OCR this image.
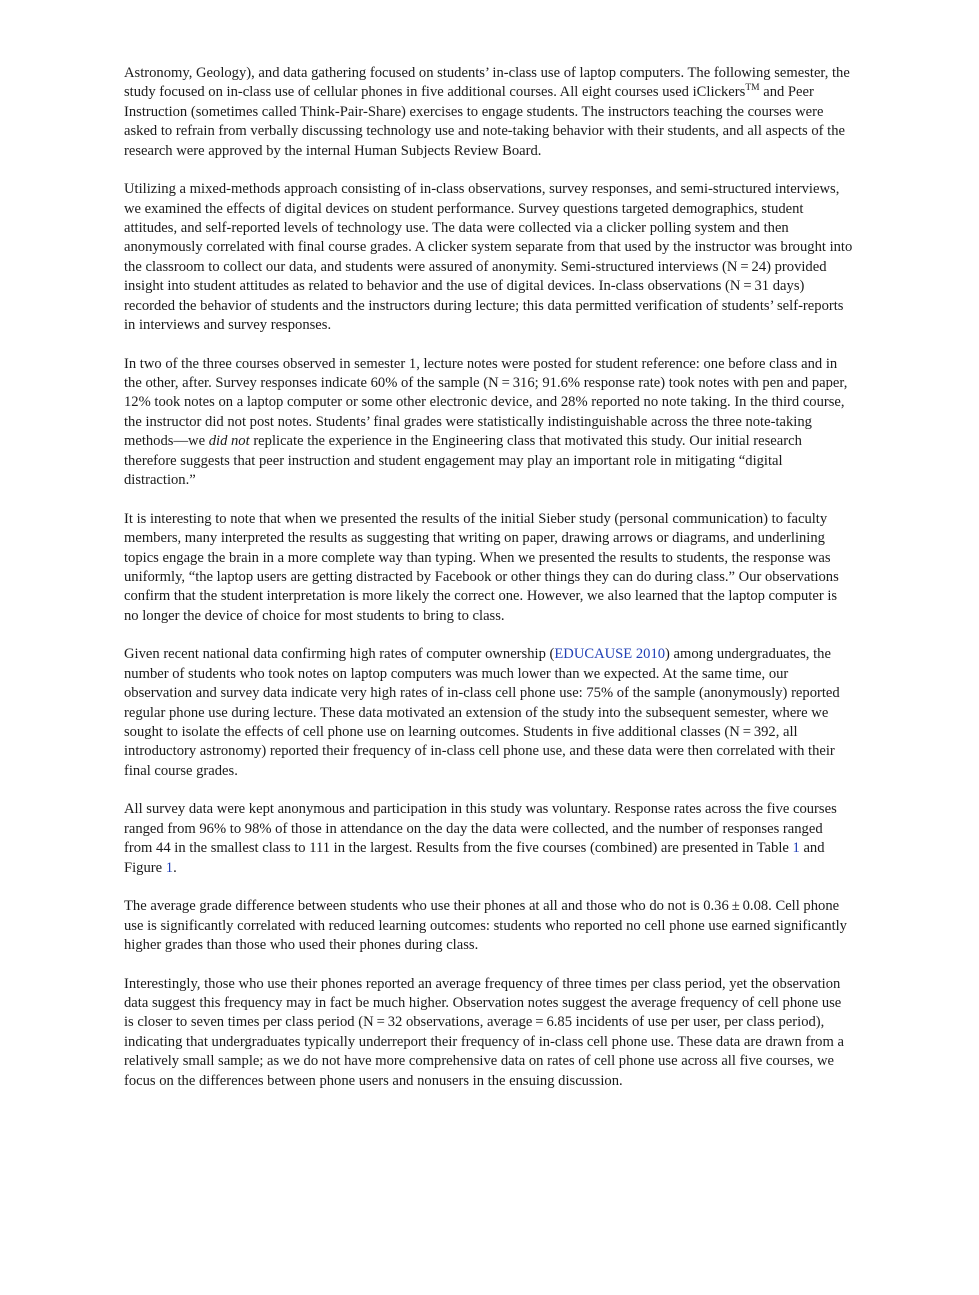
Astronomy, Geology), and data gathering focused on students’ in-class use of laptop computers. The following semester, the study focused on in-class use of cellular phones in five additional courses. All eight courses used iClickers™ and Peer Instruction (sometimes called Think-Pair-Share) exercises to engage students. The instructors teaching the courses were asked to refrain from verbally discussing technology use and note-taking behavior with their students, and all aspects of the research were approved by the internal Human Subjects Review Board.

Utilizing a mixed-methods approach consisting of in-class observations, survey responses, and semi-structured interviews, we examined the effects of digital devices on student performance. Survey questions targeted demographics, student attitudes, and self-reported levels of technology use. The data were collected via a clicker polling system and then anonymously correlated with final course grades. A clicker system separate from that used by the instructor was brought into the classroom to collect our data, and students were assured of anonymity. Semi-structured interviews (N = 24) provided insight into student attitudes as related to behavior and the use of digital devices. In-class observations (N = 31 days) recorded the behavior of students and the instructors during lecture; this data permitted verification of students’ self-reports in interviews and survey responses.

In two of the three courses observed in semester 1, lecture notes were posted for student reference: one before class and in the other, after. Survey responses indicate 60% of the sample (N = 316; 91.6% response rate) took notes with pen and paper, 12% took notes on a laptop computer or some other electronic device, and 28% reported no note taking. In the third course, the instructor did not post notes. Students’ final grades were statistically indistinguishable across the three note-taking methods—we did not replicate the experience in the Engineering class that motivated this study. Our initial research therefore suggests that peer instruction and student engagement may play an important role in mitigating “digital distraction.”

It is interesting to note that when we presented the results of the initial Sieber study (personal communication) to faculty members, many interpreted the results as suggesting that writing on paper, drawing arrows or diagrams, and underlining topics engage the brain in a more complete way than typing. When we presented the results to students, the response was uniformly, “the laptop users are getting distracted by Facebook or other things they can do during class.” Our observations confirm that the student interpretation is more likely the correct one. However, we also learned that the laptop computer is no longer the device of choice for most students to bring to class.

Given recent national data confirming high rates of computer ownership (EDUCAUSE 2010) among undergraduates, the number of students who took notes on laptop computers was much lower than we expected. At the same time, our observation and survey data indicate very high rates of in-class cell phone use: 75% of the sample (anonymously) reported regular phone use during lecture. These data motivated an extension of the study into the subsequent semester, where we sought to isolate the effects of cell phone use on learning outcomes. Students in five additional classes (N = 392, all introductory astronomy) reported their frequency of in-class cell phone use, and these data were then correlated with their final course grades.

All survey data were kept anonymous and participation in this study was voluntary. Response rates across the five courses ranged from 96% to 98% of those in attendance on the day the data were collected, and the number of responses ranged from 44 in the smallest class to 111 in the largest. Results from the five courses (combined) are presented in Table 1 and Figure 1.

The average grade difference between students who use their phones at all and those who do not is 0.36 ± 0.08. Cell phone use is significantly correlated with reduced learning outcomes: students who reported no cell phone use earned significantly higher grades than those who used their phones during class.

Interestingly, those who use their phones reported an average frequency of three times per class period, yet the observation data suggest this frequency may in fact be much higher. Observation notes suggest the average frequency of cell phone use is closer to seven times per class period (N = 32 observations, average = 6.85 incidents of use per user, per class period), indicating that undergraduates typically underreport their frequency of in-class cell phone use. These data are drawn from a relatively small sample; as we do not have more comprehensive data on rates of cell phone use across all five courses, we focus on the differences between phone users and nonusers in the ensuing discussion.
